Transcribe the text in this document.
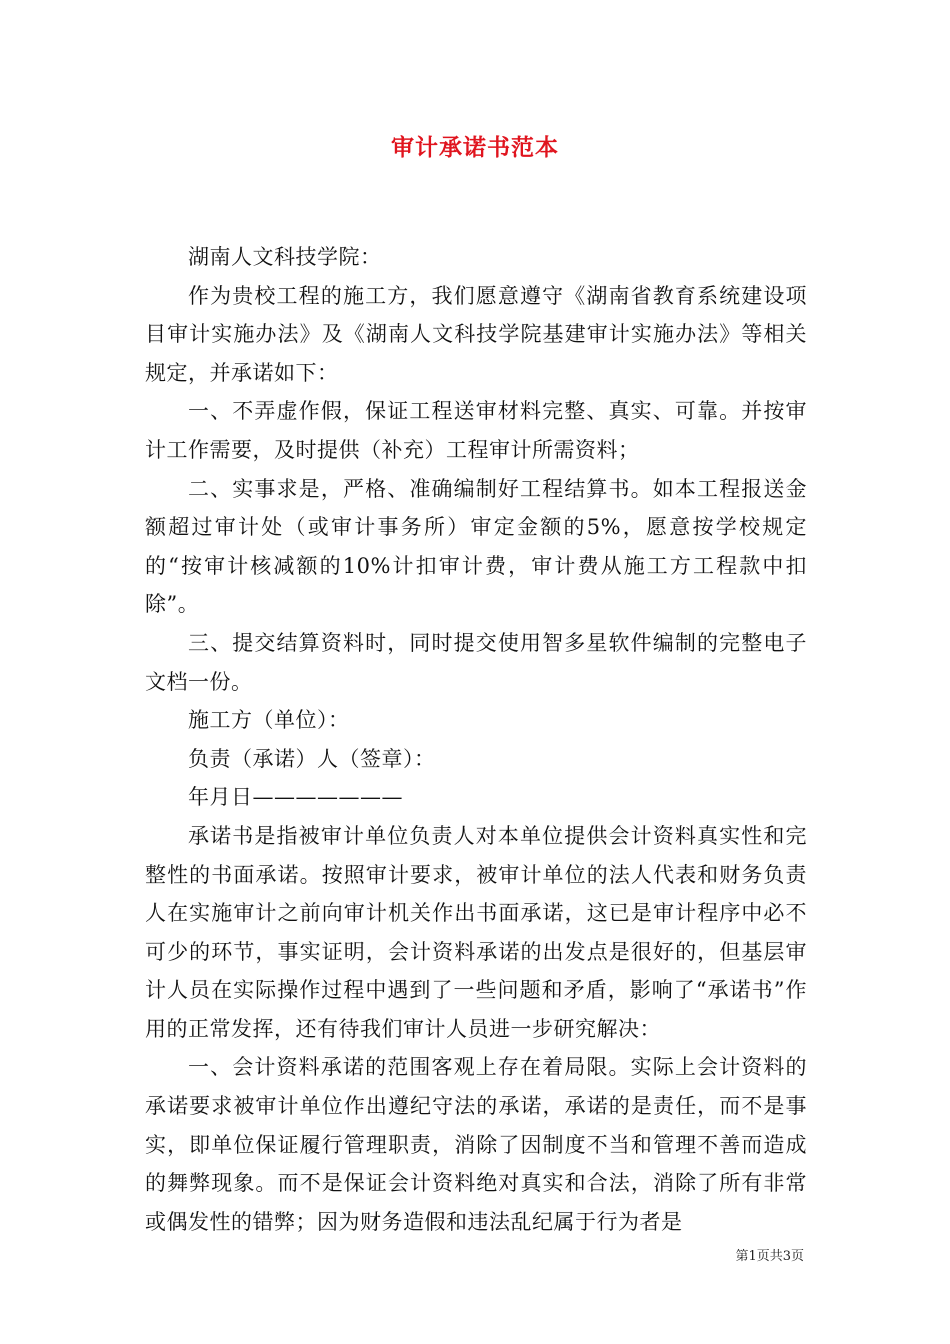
审计承诺书范本

湖南人文科技学院：

作为贵校工程的施工方，我们愿意遵守《湖南省教育系统建设项目审计实施办法》及《湖南人文科技学院基建审计实施办法》等相关规定，并承诺如下：

一、不弄虚作假，保证工程送审材料完整、真实、可靠。并按审计工作需要，及时提供（补充）工程审计所需资料；

二、实事求是，严格、准确编制好工程结算书。如本工程报送金额超过审计处（或审计事务所）审定金额的5%，愿意按学校规定的“按审计核减额的10%计扣审计费，审计费从施工方工程款中扣除”。

三、提交结算资料时，同时提交使用智多星软件编制的完整电子文档一份。

施工方（单位）：

负责（承诺）人（签章）：

年月日———————

承诺书是指被审计单位负责人对本单位提供会计资料真实性和完整性的书面承诺。按照审计要求，被审计单位的法人代表和财务负责人在实施审计之前向审计机关作出书面承诺，这已是审计程序中必不可少的环节，事实证明，会计资料承诺的出发点是很好的，但基层审计人员在实际操作过程中遇到了一些问题和矛盾，影响了“承诺书”作用的正常发挥，还有待我们审计人员进一步研究解决：

一、会计资料承诺的范围客观上存在着局限。实际上会计资料的承诺要求被审计单位作出遵纪守法的承诺，承诺的是责任，而不是事实，即单位保证履行管理职责，消除了因制度不当和管理不善而造成的舞弊现象。而不是保证会计资料绝对真实和合法，消除了所有非常或偶发性的错弊；因为财务造假和违法乱纪属于行为者是

第1页共3页
